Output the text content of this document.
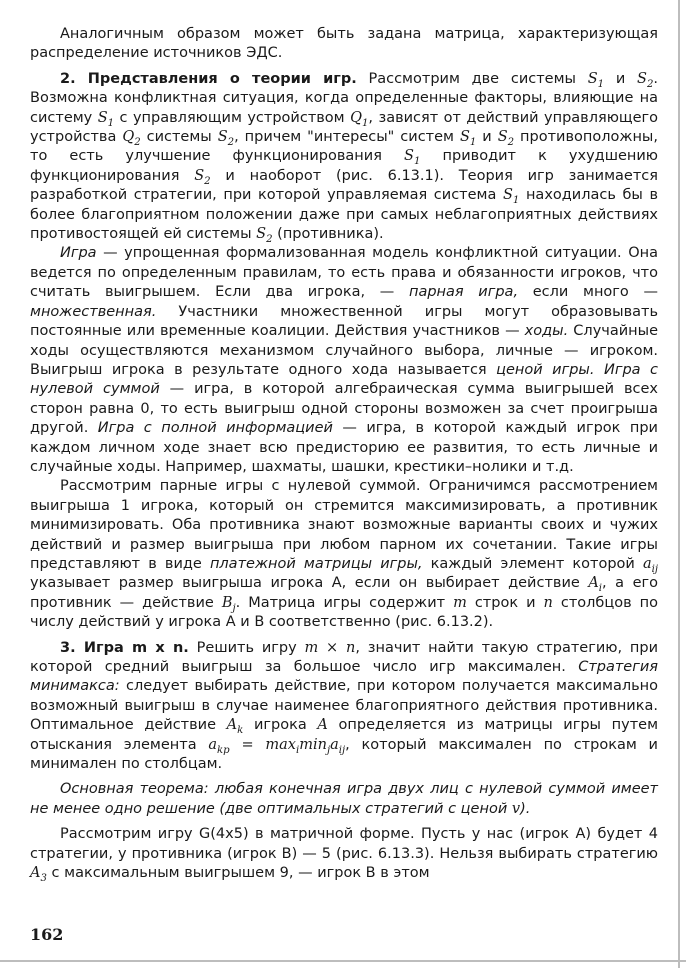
Аналогичным образом может быть задана матрица, характеризующая распределение источников ЭДС.

2. Представления о теории игр. Рассмотрим две системы $S_1$ и $S_2$. Возможна конфликтная ситуация, когда определенные факторы, влияющие на систему $S_1$ с управляющим устройством $Q_1$, зависят от действий управляющего устройства $Q_2$ системы $S_2$, причем "интересы" систем $S_1$ и $S_2$ противоположны, то есть улучшение функционирования $S_1$ приводит к ухудшению функционирования $S_2$ и наоборот (рис. 6.13.1). Теория игр занимается разработкой стратегии, при которой управляемая система $S_1$ находилась бы в более благоприятном положении даже при самых неблагоприятных действиях противостоящей ей системы $S_2$ (противника).

Игра — упрощенная формализованная модель конфликтной ситуации. Она ведется по определенным правилам, то есть права и обязанности игроков, что считать выигрышем. Если два игрока, — парная игра, если много — множественная. Участники множественной игры могут образовывать постоянные или временные коалиции. Действия участников — ходы. Случайные ходы осуществляются механизмом случайного выбора, личные — игроком. Выигрыш игрока в результате одного хода называется ценой игры. Игра с нулевой суммой — игра, в которой алгебраическая сумма выигрышей всех сторон равна 0, то есть выигрыш одной стороны возможен за счет проигрыша другой. Игра с полной информацией — игра, в которой каждый игрок при каждом личном ходе знает всю предисторию ее развития, то есть личные и случайные ходы. Например, шахматы, шашки, крестики–нолики и т.д.

Рассмотрим парные игры с нулевой суммой. Ограничимся рассмотрением выигрыша 1 игрока, который он стремится максимизировать, а противник минимизировать. Оба противника знают возможные варианты своих и чужих действий и размер выигрыша при любом парном их сочетании. Такие игры представляют в виде платежной матрицы игры, каждый элемент которой $a_{ij}$ указывает размер выигрыша игрока А, если он выбирает действие $A_i$, а его противник — действие $B_j$. Матрица игры содержит m строк и n столбцов по числу действий у игрока А и В соответственно (рис. 6.13.2).

3. Игра m x n. Решить игру m × n, значит найти такую стратегию, при которой средний выигрыш за большое число игр максимален. Стратегия минимакса: следует выбирать действие, при котором получается максимально возможный выигрыш в случае наименее благоприятного действия противника. Оптимальное действие $A_k$ игрока A определяется из матрицы игры путем отыскания элемента $a_{kp} = \max_i\min_ja_{ij}$, который максимален по строкам и минимален по столбцам.

Основная теорема: любая конечная игра двух лиц с нулевой суммой имеет не менее одно решение (две оптимальных стратегий с ценой v).

Рассмотрим игру G(4x5) в матричной форме. Пусть у нас (игрок А) будет 4 стратегии, у противника (игрок В) — 5 (рис. 6.13.3). Нельзя выбирать стратегию $A_3$ с максимальным выигрышем 9, — игрок В в этом

162
